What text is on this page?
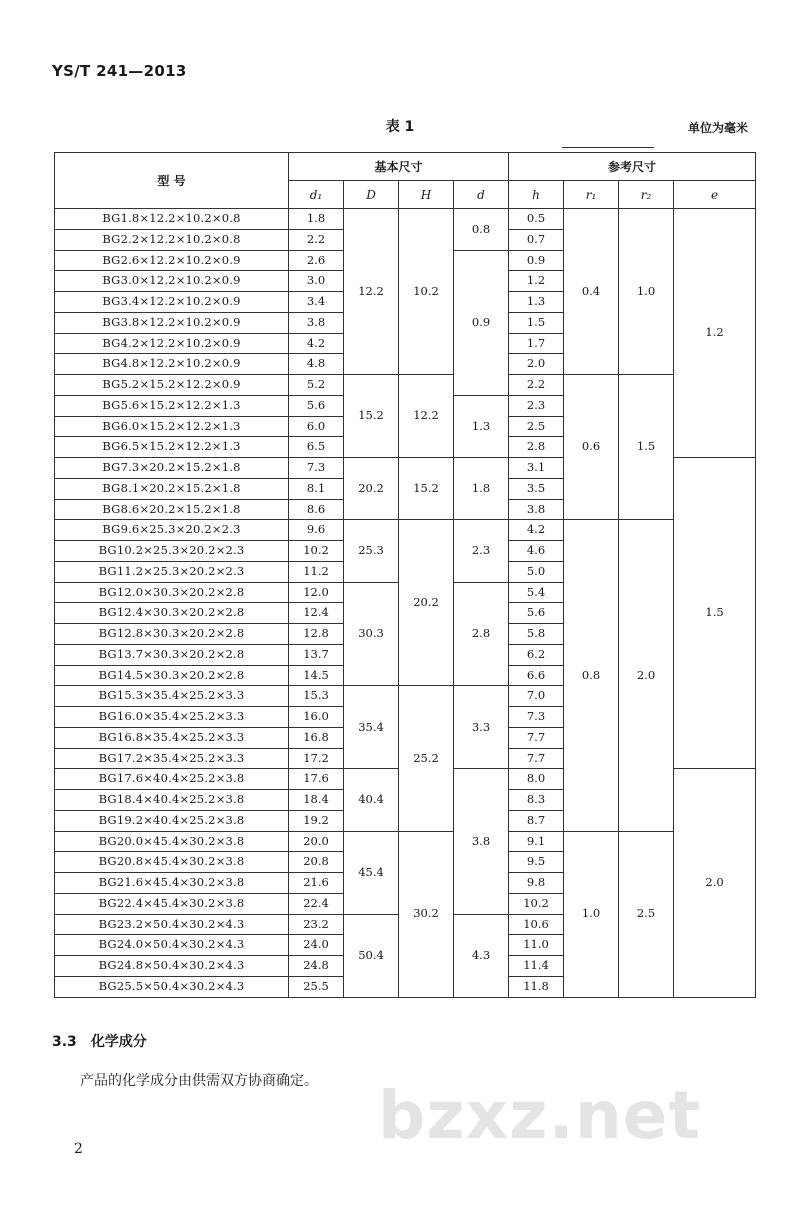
YS/T 241—2013
表 1	单位为毫米
型 号	基本尺寸				参考尺寸			
	d₁	D	H	d	h	r₁	r₂	e
BG1.8×12.2×10.2×0.8	1.8	12.2	10.2	0.8	0.5	0.4	1.0	1.2
BG2.2×12.2×10.2×0.8	2.2				0.7			
BG2.6×12.2×10.2×0.9	2.6			0.9	0.9			
BG3.0×12.2×10.2×0.9	3.0				1.2			
BG3.4×12.2×10.2×0.9	3.4				1.3			
BG3.8×12.2×10.2×0.9	3.8				1.5			
BG4.2×12.2×10.2×0.9	4.2				1.7			
BG4.8×12.2×10.2×0.9	4.8				2.0			
BG5.2×15.2×12.2×0.9	5.2	15.2	12.2		2.2	0.6	1.5	
BG5.6×15.2×12.2×1.3	5.6			1.3	2.3			
BG6.0×15.2×12.2×1.3	6.0				2.5			
BG6.5×15.2×12.2×1.3	6.5				2.8			
BG7.3×20.2×15.2×1.8	7.3	20.2	15.2	1.8	3.1			1.5
BG8.1×20.2×15.2×1.8	8.1				3.5			
BG8.6×20.2×15.2×1.8	8.6				3.8			
BG9.6×25.3×20.2×2.3	9.6	25.3	20.2	2.3	4.2	0.8	2.0	
BG10.2×25.3×20.2×2.3	10.2				4.6			
BG11.2×25.3×20.2×2.3	11.2				5.0			
BG12.0×30.3×20.2×2.8	12.0	30.3		2.8	5.4			
BG12.4×30.3×20.2×2.8	12.4				5.6			
BG12.8×30.3×20.2×2.8	12.8				5.8			
BG13.7×30.3×20.2×2.8	13.7				6.2			
BG14.5×30.3×20.2×2.8	14.5				6.6			
BG15.3×35.4×25.2×3.3	15.3	35.4	25.2	3.3	7.0			
BG16.0×35.4×25.2×3.3	16.0				7.3			
BG16.8×35.4×25.2×3.3	16.8				7.7			
BG17.2×35.4×25.2×3.3	17.2				7.7			
BG17.6×40.4×25.2×3.8	17.6	40.4		3.8	8.0			2.0
BG18.4×40.4×25.2×3.8	18.4				8.3			
BG19.2×40.4×25.2×3.8	19.2				8.7			
BG20.0×45.4×30.2×3.8	20.0	45.4	30.2		9.1	1.0	2.5	
BG20.8×45.4×30.2×3.8	20.8				9.5			
BG21.6×45.4×30.2×3.8	21.6				9.8			
BG22.4×45.4×30.2×3.8	22.4				10.2			
BG23.2×50.4×30.2×4.3	23.2	50.4		4.3	10.6			
BG24.0×50.4×30.2×4.3	24.0				11.0			
BG24.8×50.4×30.2×4.3	24.8				11.4			
BG25.5×50.4×30.2×4.3	25.5				11.8			
3.3 化学成分
产品的化学成分由供需双方协商确定。
2	bzxz.net
